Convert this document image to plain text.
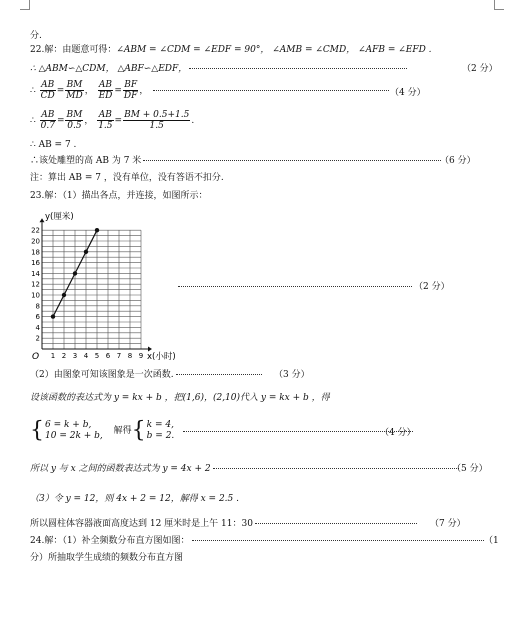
分.
22.解：由题意可得：∠ABM = ∠CDM = ∠EDF = 90°， ∠AMB = ∠CMD， ∠AFB = ∠EFD .
∴ △ABM∽△CDM， △ABF∽△EDF，	（2 分）
∴ $\frac{AB}{CD} = \frac{BM}{MD}$ ， $\frac{AB}{ED} = \frac{BF}{DF}$ ，	（4 分）
∴ $\frac{AB}{0.7} = \frac{BM}{0.5}$ ， $\frac{AB}{1.5} = \frac{BM + 0.5+1.5}{1.5}$ .
∴ AB = 7 .
∴该处雕塑的高 AB 为 7 米	（6 分）
注：算出 AB = 7 ，没有单位，没有答语不扣分.
23.解：（1）描出各点，并连接，如图所示：
1 2 3 4 5 6 7 8 9
2
4
6
8
10
12
14
16
18
20
22
y(厘米)
x(小时)
O
（2 分）
（2）由图象可知该图象是一次函数.	（3 分）
设该函数的表达式为 y = kx + b ，把(1,6)，(2,10)代入 y = kx + b ，得
{6 = k + b,
10 = 2k + b, 解得{k = 4,
b = 2.	（4 分）
所以 y 与 x 之间的函数表达式为 y = 4x + 2	（5 分）
（3）令 y = 12，则 4x + 2 = 12，解得 x = 2.5 .
所以圆柱体容器液面高度达到 12 厘米时是上午 11：30	（7 分）
24.解：（1）补全频数分布直方图如图：	（1
分）所抽取学生成绩的频数分布直方图
